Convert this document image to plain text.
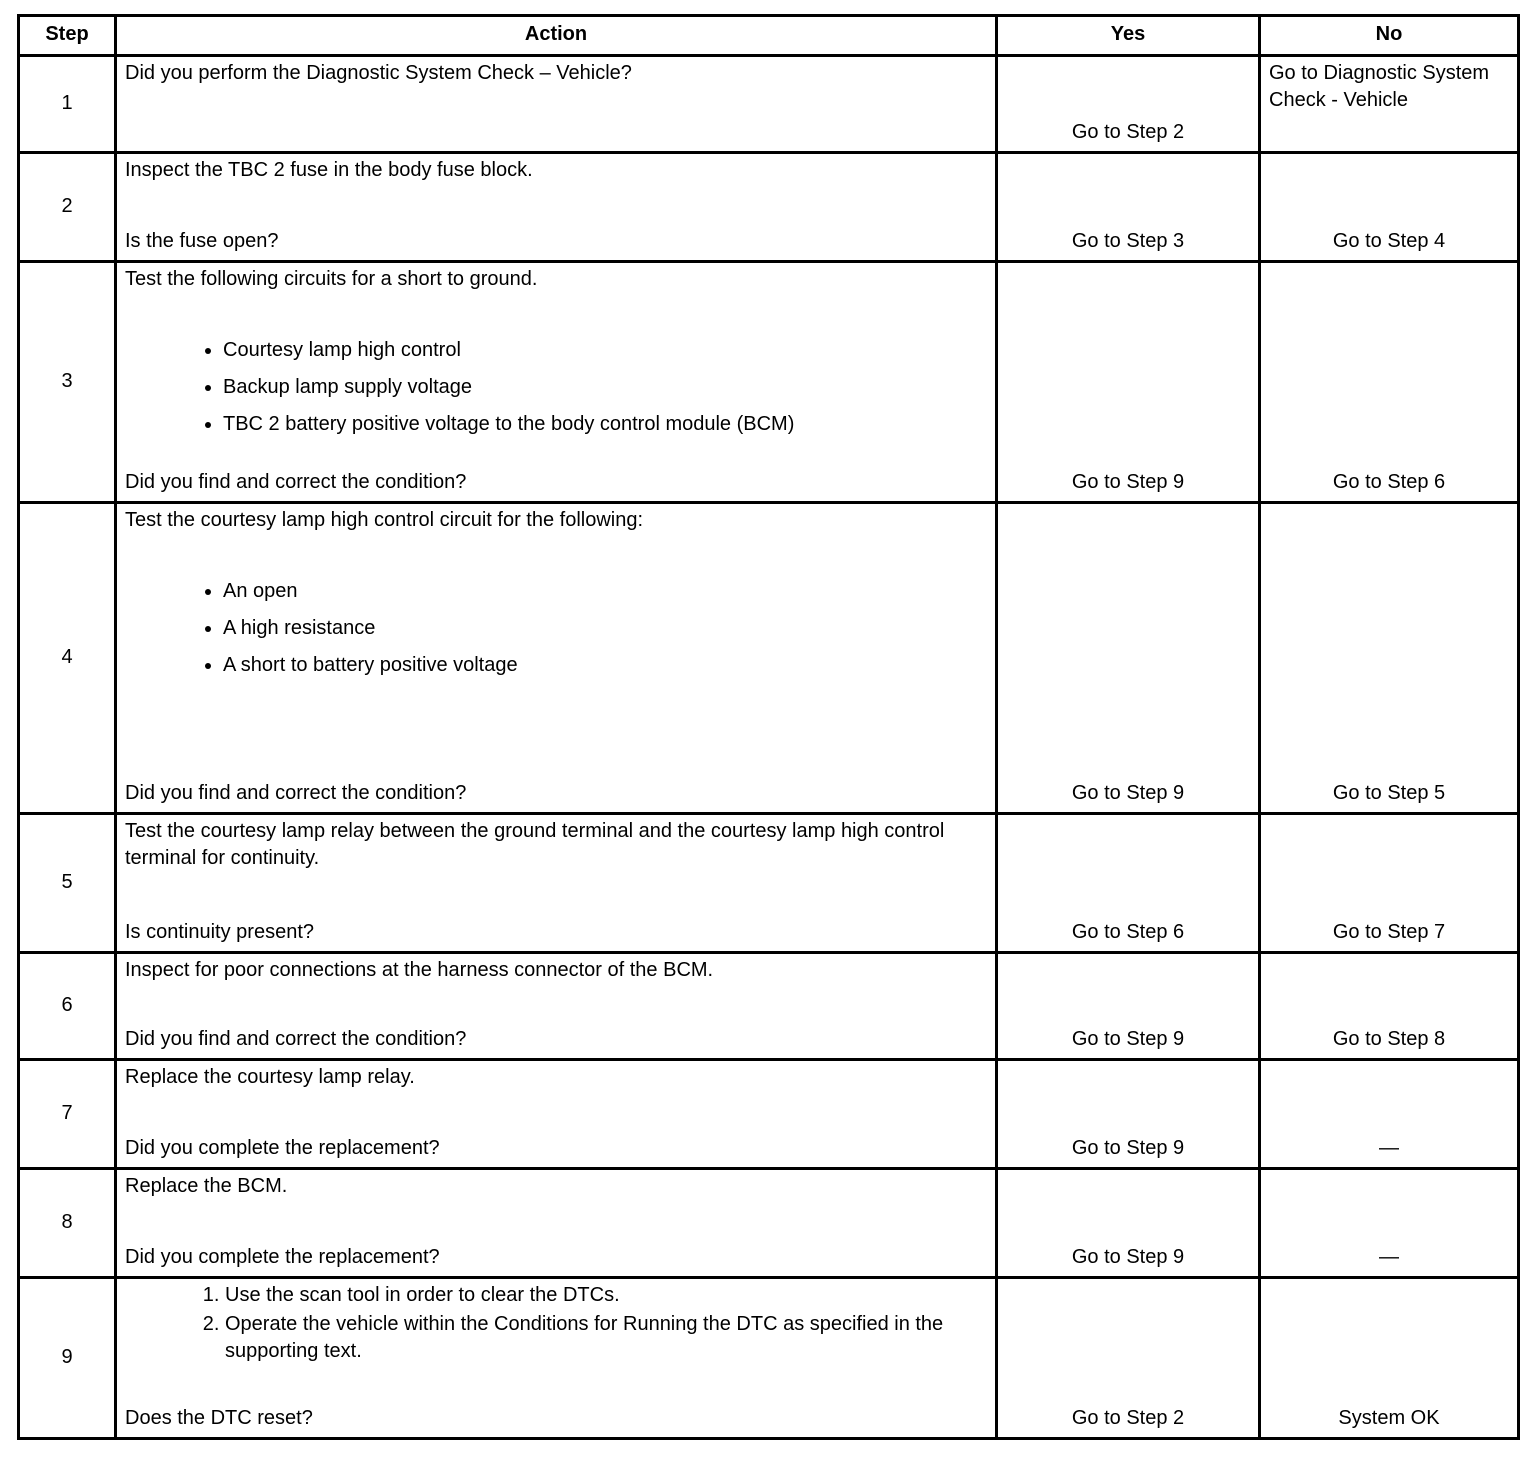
Step	Action	Yes	No
1	Did you perform the Diagnostic System Check – Vehicle?	Go to Step 2	Go to Diagnostic System Check - Vehicle
2	Inspect the TBC 2 fuse in the body fuse block.
Is the fuse open?	Go to Step 3	Go to Step 4
3	
Test the following circuits for a short to ground.
• Courtesy lamp high control
• Backup lamp supply voltage
• TBC 2 battery positive voltage to the body control module (BCM)
Did you find and correct the condition?	Go to Step 9	Go to Step 6
4	
Test the courtesy lamp high control circuit for the following:
• An open
• A high resistance
• A short to battery positive voltage
Did you find and correct the condition?	Go to Step 9	Go to Step 5
5	Test the courtesy lamp relay between the ground terminal and the courtesy lamp high control terminal for continuity.
Is continuity present?	Go to Step 6	Go to Step 7
6	Inspect for poor connections at the harness connector of the BCM.
Did you find and correct the condition?	Go to Step 9	Go to Step 8
7	Replace the courtesy lamp relay.
Did you complete the replacement?	Go to Step 9	—
8	Replace the BCM.
Did you complete the replacement?	Go to Step 9	—
9	
1. Use the scan tool in order to clear the DTCs.
2. Operate the vehicle within the Conditions for Running the DTC as specified in the supporting text.
Does the DTC reset?	Go to Step 2	System OK
